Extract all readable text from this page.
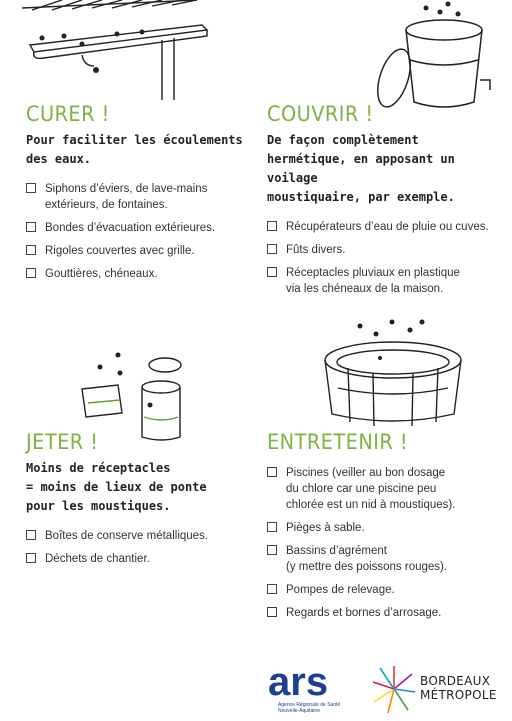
CURER !

Pour faciliter les écoulements
des eaux.

Siphons d’éviers, de lave-mains
extérieurs, de fontaines.
Bondes d’évacuation extérieures.
Rigoles couvertes avec grille.
Gouttières, chéneaux.
COUVRIR !

De façon complètement
hermétique, en apposant un voilage
moustiquaire, par exemple.

Récupérateurs d’eau de pluie ou cuves.
Fûts divers.
Réceptacles pluviaux en plastique
via les chéneaux de la maison.
JETER !

Moins de réceptacles
= moins de lieux de ponte
pour les moustiques.

Boîtes de conserve métalliques.
Déchets de chantier.
ENTRETENIR !
Piscines (veiller au bon dosage
du chlore car une piscine peu
chlorée est un nid à moustiques).
Pièges à sable.
Bassins d’agrément
(y mettre des poissons rouges).
Pompes de relevage.
Regards et bornes d’arrosage.
ars
Agence Régionale de Santé
Nouvelle-Aquitaine
BORDEAUX
MÉTROPOLE
